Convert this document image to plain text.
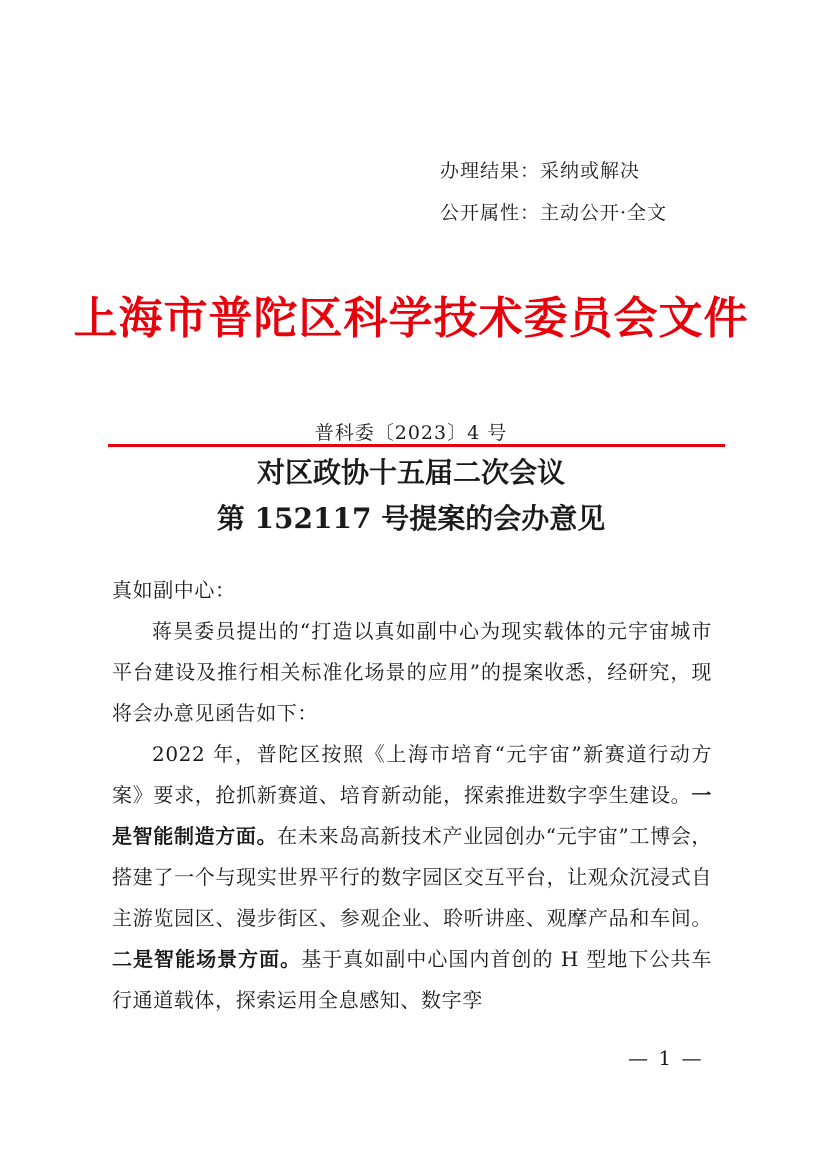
办理结果：采纳或解决
公开属性：主动公开·全文
上海市普陀区科学技术委员会文件
普科委〔2023〕4 号
对区政协十五届二次会议
第 152117 号提案的会办意见

真如副中心：

蒋昊委员提出的“打造以真如副中心为现实载体的元宇宙城市平台建设及推行相关标准化场景的应用”的提案收悉，经研究，现将会办意见函告如下：

2022 年，普陀区按照《上海市培育“元宇宙”新赛道行动方案》要求，抢抓新赛道、培育新动能，探索推进数字孪生建设。一是智能制造方面。在未来岛高新技术产业园创办“元宇宙”工博会，搭建了一个与现实世界平行的数字园区交互平台，让观众沉浸式自主游览园区、漫步街区、参观企业、聆听讲座、观摩产品和车间。二是智能场景方面。基于真如副中心国内首创的 H 型地下公共车行通道载体，探索运用全息感知、数字孪

— 1 —
